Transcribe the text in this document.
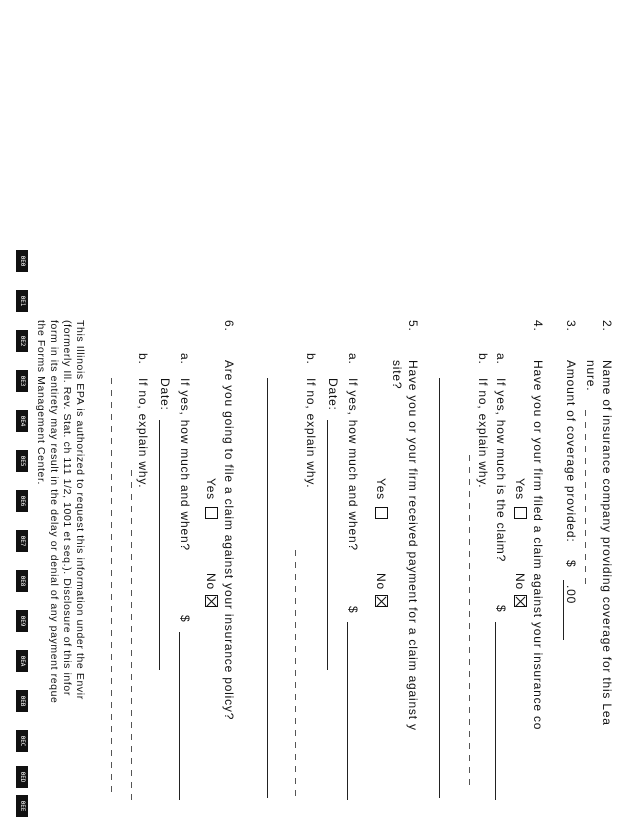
2.
Name of insurance company providing coverage for this Lea
nure.
3.
Amount of coverage provided:
$
.00
4.
Have you or your firm filed a claim against your insurance co
Yes
No
a.
If yes, how much is the claim?
$
b.
If no, explain why.
5.
Have you or your firm received payment for a claim against y
site?
Yes
No
a.
If yes, how much and when?
$
Date:
b.
If no, explain why.
6.
Are you going to file a claim against your insurance policy?
Yes
No
a.
If yes, how much and when?
$
Date:
b.
If no, explain why.
This Illinois EPA is authorized to request this information under the Envir
(formerly Ill. Rev. Stat. ch 111 1/2, 1001 et seq.). Disclosure of this infor
form in its entirety may result in the delay or denial of any payment reque
the Forms Management Center.
0E0
0E1
0E2
0E3
0E4
0E5
0E6
0E7
0E8
0E9
0EA
0EB
0EC
0ED
0EE
